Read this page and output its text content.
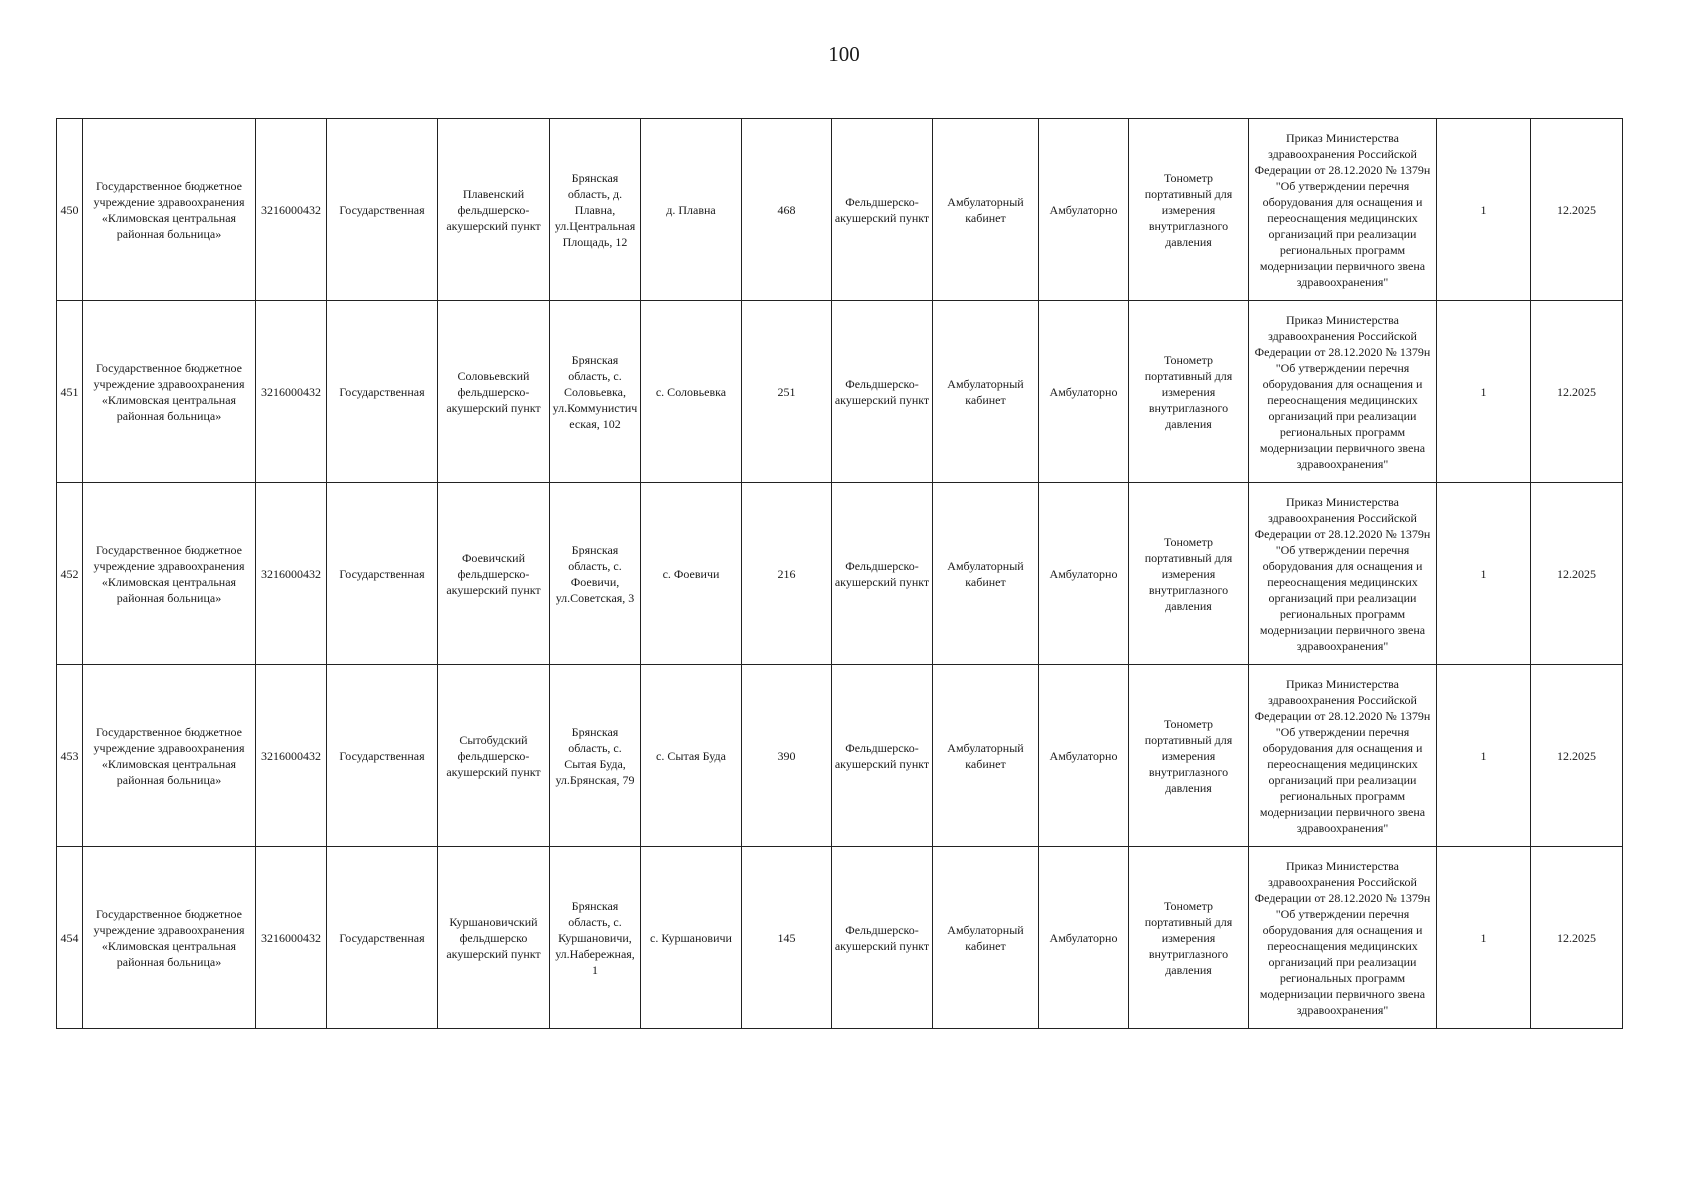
100
450	Государственное бюджетное учреждение здравоохранения «Климовская центральная районная больница»	3216000432	Государственная	Плавенский фельдшерско-акушерский пункт	Брянская область, д. Плавна, ул.Центральная Площадь, 12	д. Плавна	468	Фельдшерско-акушерский пункт	Амбулаторный кабинет	Амбулаторно	Тонометр портативный для измерения внутриглазного давления	Приказ Министерства здравоохранения Российской Федерации от 28.12.2020 № 1379н "Об утверждении перечня оборудования для оснащения и переоснащения медицинских организаций при реализации региональных программ модернизации первичного звена здравоохранения"	1	12.2025
451	Государственное бюджетное учреждение здравоохранения «Климовская центральная районная больница»	3216000432	Государственная	Соловьевский фельдшерско-акушерский пункт	Брянская область, с. Соловьевка, ул.Коммунистическая, 102	с. Соловьевка	251	Фельдшерско-акушерский пункт	Амбулаторный кабинет	Амбулаторно	Тонометр портативный для измерения внутриглазного давления	Приказ Министерства здравоохранения Российской Федерации от 28.12.2020 № 1379н "Об утверждении перечня оборудования для оснащения и переоснащения медицинских организаций при реализации региональных программ модернизации первичного звена здравоохранения"	1	12.2025
452	Государственное бюджетное учреждение здравоохранения «Климовская центральная районная больница»	3216000432	Государственная	Фоевичский фельдшерско-акушерский пункт	Брянская область, с. Фоевичи, ул.Советская, 3	с. Фоевичи	216	Фельдшерско-акушерский пункт	Амбулаторный кабинет	Амбулаторно	Тонометр портативный для измерения внутриглазного давления	Приказ Министерства здравоохранения Российской Федерации от 28.12.2020 № 1379н "Об утверждении перечня оборудования для оснащения и переоснащения медицинских организаций при реализации региональных программ модернизации первичного звена здравоохранения"	1	12.2025
453	Государственное бюджетное учреждение здравоохранения «Климовская центральная районная больница»	3216000432	Государственная	Сытобудский фельдшерско-акушерский пункт	Брянская область, с. Сытая Буда, ул.Брянская, 79	с. Сытая Буда	390	Фельдшерско-акушерский пункт	Амбулаторный кабинет	Амбулаторно	Тонометр портативный для измерения внутриглазного давления	Приказ Министерства здравоохранения Российской Федерации от 28.12.2020 № 1379н "Об утверждении перечня оборудования для оснащения и переоснащения медицинских организаций при реализации региональных программ модернизации первичного звена здравоохранения"	1	12.2025
454	Государственное бюджетное учреждение здравоохранения «Климовская центральная районная больница»	3216000432	Государственная	Куршановичский фельдшерско акушерский пункт	Брянская область, с. Куршановичи, ул.Набережная, 1	с. Куршановичи	145	Фельдшерско-акушерский пункт	Амбулаторный кабинет	Амбулаторно	Тонометр портативный для измерения внутриглазного давления	Приказ Министерства здравоохранения Российской Федерации от 28.12.2020 № 1379н "Об утверждении перечня оборудования для оснащения и переоснащения медицинских организаций при реализации региональных программ модернизации первичного звена здравоохранения"	1	12.2025
